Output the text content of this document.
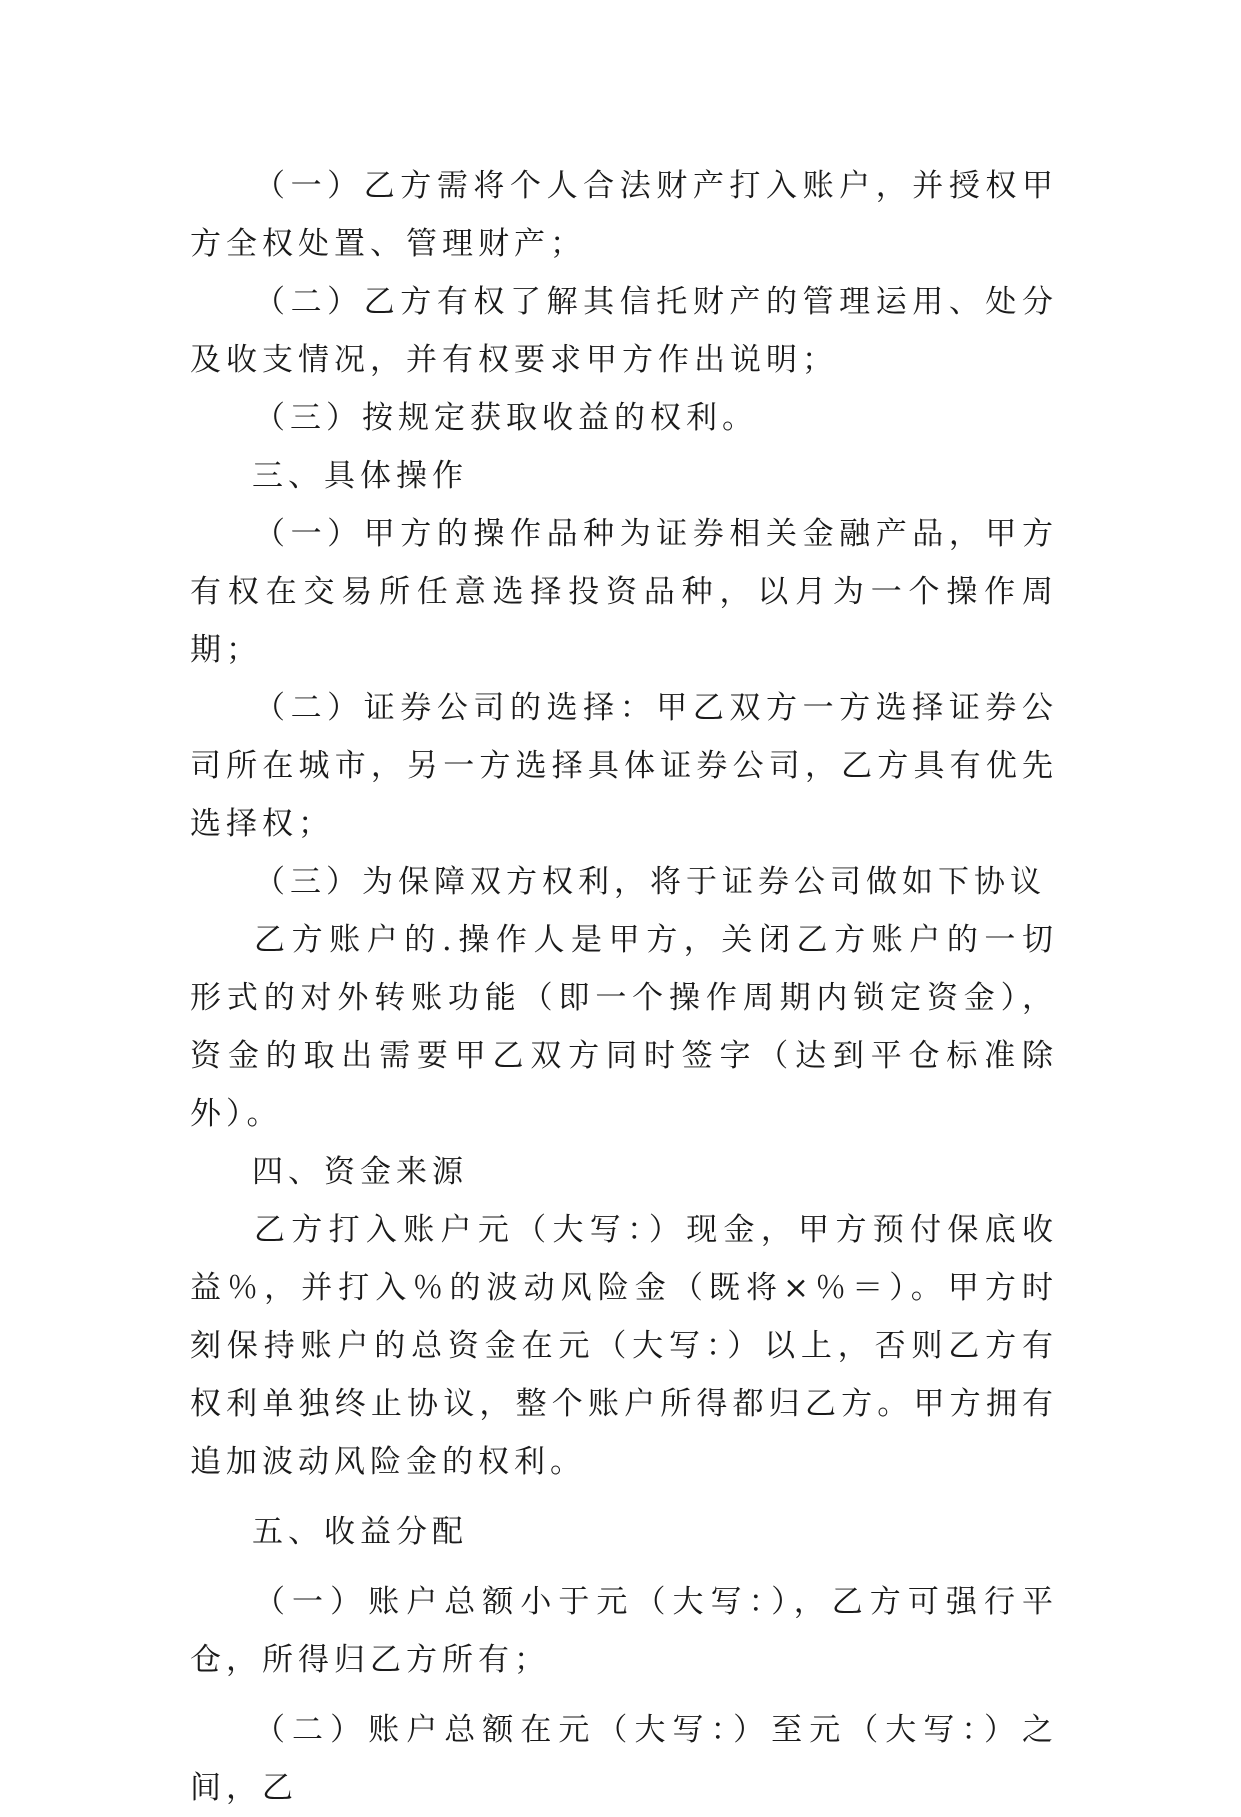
（一）乙方需将个人合法财产打入账户，并授权甲方全权处置、管理财产；

（二）乙方有权了解其信托财产的管理运用、处分及收支情况，并有权要求甲方作出说明；

（三）按规定获取收益的权利。

三、具体操作

（一）甲方的操作品种为证券相关金融产品，甲方有权在交易所任意选择投资品种，以月为一个操作周期；

（二）证券公司的选择：甲乙双方一方选择证券公司所在城市，另一方选择具体证券公司，乙方具有优先选择权；

（三）为保障双方权利，将于证券公司做如下协议

乙方账户的.操作人是甲方，关闭乙方账户的一切形式的对外转账功能（即一个操作周期内锁定资金），资金的取出需要甲乙双方同时签字（达到平仓标准除外）。

四、资金来源

乙方打入账户元（大写：）现金，甲方预付保底收益％，并打入％的波动风险金（既将×％＝）。甲方时刻保持账户的总资金在元（大写：）以上，否则乙方有权利单独终止协议，整个账户所得都归乙方。甲方拥有追加波动风险金的权利。

五、收益分配

（一）账户总额小于元（大写：），乙方可强行平仓，所得归乙方所有；

（二）账户总额在元（大写：）至元（大写：）之间，乙
